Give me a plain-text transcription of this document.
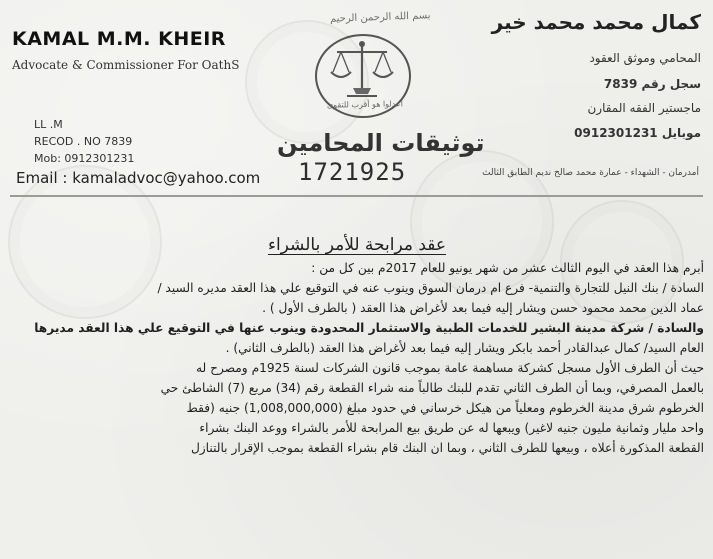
KAMAL M.M. KHEIR
Advocate & Commissioner For OathS
LL .M
RECOD . NO 7839
Mob: 0912301231
Email : kamaladvoc@yahoo.com
بسم الله الرحمن الرحيم
اعدلوا هو أقرب للتقوى
توثيقات المحامين
1721925
كمال محمد محمد خير
المحامي وموثق العقود
سجل رقم 7839
ماجستير الفقه المقارن
موبايل 0912301231
أمدرمان - الشهداء - عمارة محمد صالح نديم الطابق الثالث
عقد مرابحة للأمر بالشراء

أبرم هذا العقد في اليوم الثالث عشر من شهر يونيو للعام 2017م بين كل من :

السادة / بنك النيل للتجارة والتنمية- فرع ام درمان السوق وينوب عنه في التوقيع علي هذا العقد مديره السيد /

عماد الدين محمد محمود حسن ويشار إليه فيما بعد لأغراض هذا العقد ( بالطرف الأول ) .

والسادة / شركة مدينة البشير للخدمات الطبية والاستثمار المحدودة وينوب عنها في التوقيع علي هذا العقد مديرها

العام السيد/ كمال عبدالقادر أحمد بابكر ويشار إليه فيما بعد لأغراض هذا العقد (بالطرف الثاني) .

حيث أن الطرف الأول مسجل كشركة مساهمة عامة بموجب قانون الشركات لسنة 1925م ومصرح له

بالعمل المصرفي، وبما أن الطرف الثاني تقدم للبنك طالباً منه شراء القطعة رقم (34) مربع (7) الشاطئ حي

الخرطوم شرق مدينة الخرطوم ومعلياً من هيكل خرساني في حدود مبلغ (1,008,000,000) جنيه (فقط

واحد مليار وثمانية مليون جنيه لاغير) ويبعها له عن طريق بيع المرابحة للأمر بالشراء ووعد البنك بشراء

القطعة المذكورة أعلاه ، وبيعها للطرف الثاني ، وبما ان البنك قام بشراء القطعة بموجب الإقرار بالتنازل
